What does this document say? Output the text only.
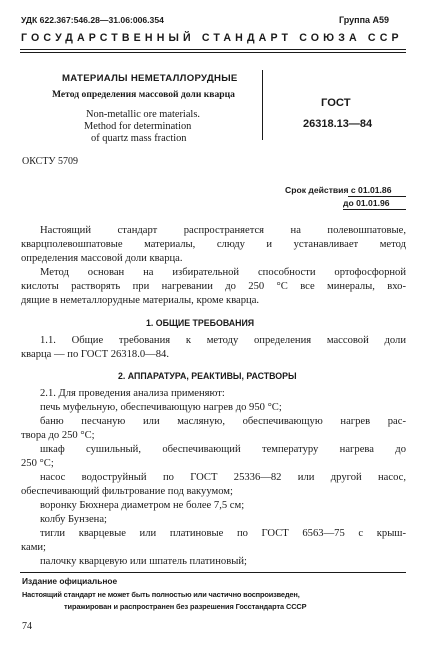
УДК 622.367:546.28—31.06:006.354	Группа А59
ГОСУДАРСТВЕННЫЙ СТАНДАРТ СОЮЗА ССР
МАТЕРИАЛЫ НЕМЕТАЛЛОРУДНЫЕ
Метод определения массовой доли кварца
Non-metallic ore materials.
Method for determination
of quartz mass fraction
ГОСТ
26318.13—84
ОКСТУ 5709
Срок действия с 01.01.86
до 01.01.96
Настоящий стандарт распространяется на полевошпатовые,
кварцполевошпатовые материалы, слюду и устанавливает метод
определения массовой доли кварца.
Метод основан на избирательной способности ортофосфорной
кислоты растворять при нагревании до 250 °С все минералы, вхо-
дящие в неметаллорудные материалы, кроме кварца.
1. ОБЩИЕ ТРЕБОВАНИЯ
1.1. Общие требования к методу определения массовой доли
кварца — по ГОСТ 26318.0—84.
2. АППАРАТУРА, РЕАКТИВЫ, РАСТВОРЫ
2.1. Для проведения анализа применяют:
печь муфельную, обеспечивающую нагрев до 950 °С;
баню песчаную или масляную, обеспечивающую нагрев рас-
твора до 250 °С;
шкаф сушильный, обеспечивающий температуру нагрева до
250 °С;
насос водоструйный по ГОСТ 25336—82 или другой насос,
обеспечивающий фильтрование под вакуумом;
воронку Бюхнера диаметром не более 7,5 см;
колбу Бунзена;
тигли кварцевые или платиновые по ГОСТ 6563—75 с крыш-
ками;
палочку кварцевую или шпатель платиновый;
Издание официальное
Настоящий стандарт не может быть полностью или частично воспроизведен,
тиражирован и распространен без разрешения Госстандарта СССР
74
